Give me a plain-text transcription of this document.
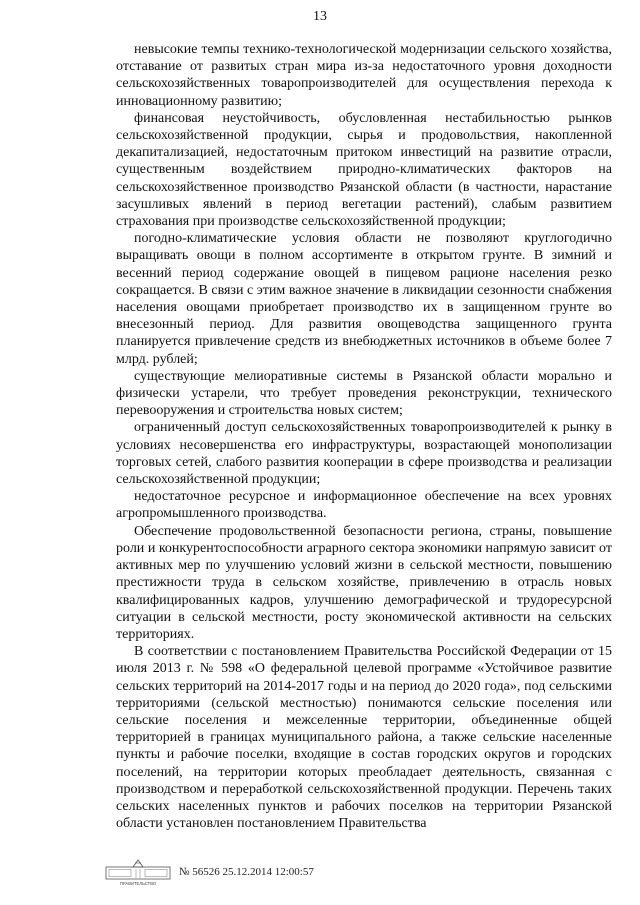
13

невысокие темпы технико-технологической модернизации сельского хозяйства, отставание от развитых стран мира из-за недостаточного уровня доходности сельскохозяйственных товаропроизводителей для осуществления перехода к инновационному развитию;

финансовая неустойчивость, обусловленная нестабильностью рынков сельскохозяйственной продукции, сырья и продовольствия, накопленной декапитализацией, недостаточным притоком инвестиций на развитие отрасли, существенным воздействием природно-климатических факторов на сельскохозяйственное производство Рязанской области (в частности, нарастание засушливых явлений в период вегетации растений), слабым развитием страхования при производстве сельскохозяйственной продукции;

погодно-климатические условия области не позволяют круглогодично выращивать овощи в полном ассортименте в открытом грунте. В зимний и весенний период содержание овощей в пищевом рационе населения резко сокращается. В связи с этим важное значение в ликвидации сезонности снабжения населения овощами приобретает производство их в защищенном грунте во внесезонный период. Для развития овощеводства защищенного грунта планируется привлечение средств из внебюджетных источников в объеме более 7 млрд. рублей;

существующие мелиоративные системы в Рязанской области морально и физически устарели, что требует проведения реконструкции, технического перевооружения и строительства новых систем;

ограниченный доступ сельскохозяйственных товаропроизводителей к рынку в условиях несовершенства его инфраструктуры, возрастающей монополизации торговых сетей, слабого развития кооперации в сфере производства и реализации сельскохозяйственной продукции;

недостаточное ресурсное и информационное обеспечение на всех уровнях агропромышленного производства.

Обеспечение продовольственной безопасности региона, страны, повышение роли и конкурентоспособности аграрного сектора экономики напрямую зависит от активных мер по улучшению условий жизни в сельской местности, повышению престижности труда в сельском хозяйстве, привлечению в отрасль новых квалифицированных кадров, улучшению демографической и трудоресурсной ситуации в сельской местности, росту экономической активности на сельских территориях.

В соответствии с постановлением Правительства Российской Федерации от 15 июля 2013 г. № 598 «О федеральной целевой программе «Устойчивое развитие сельских территорий на 2014-2017 годы и на период до 2020 года», под сельскими территориями (сельской местностью) понимаются сельские поселения или сельские поселения и межселенные территории, объединенные общей территорией в границах муниципального района, а также сельские населенные пункты и рабочие поселки, входящие в состав городских округов и городских поселений, на территории которых преобладает деятельность, связанная с производством и переработкой сельскохозяйственной продукции. Перечень таких сельских населенных пунктов и рабочих поселков на территории Рязанской области установлен постановлением Правительства

ПРАВИТЕЛЬСТВО
№ 56526 25.12.2014 12:00:57
